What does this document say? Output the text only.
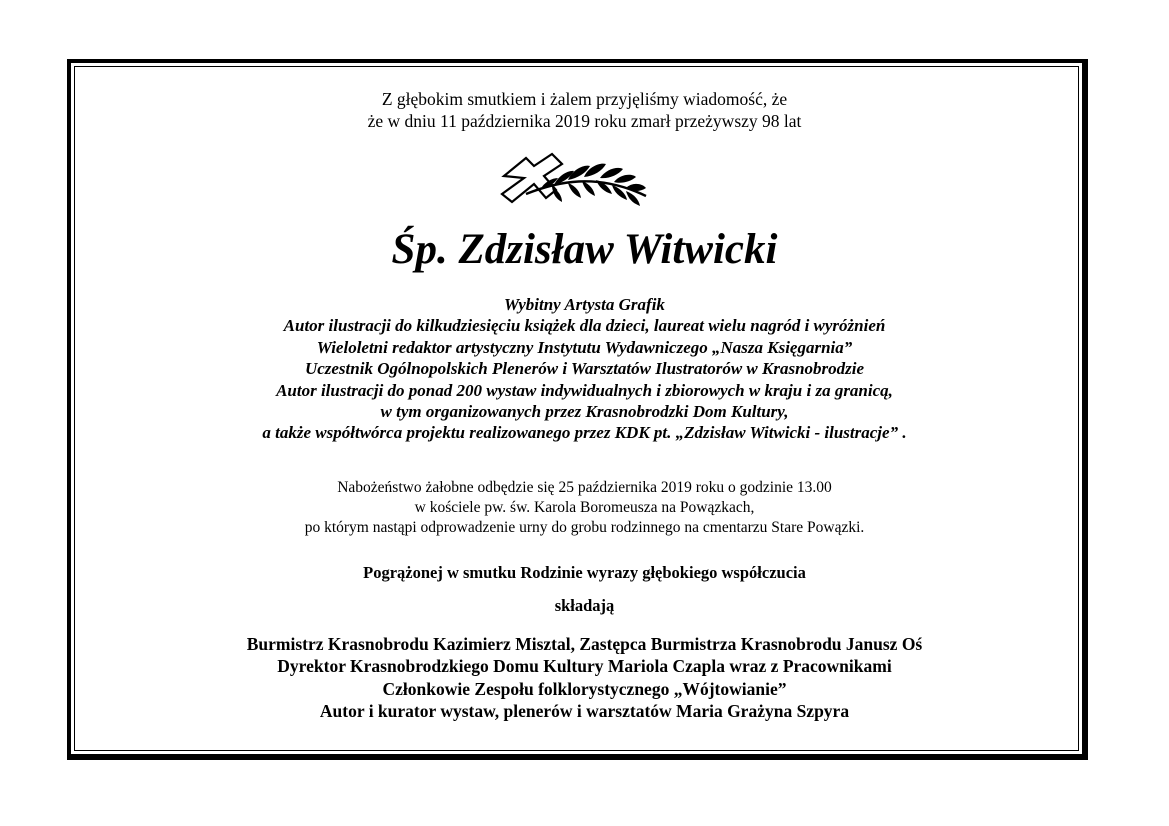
Z głębokim smutkiem i żalem przyjęliśmy wiadomość, że
że w dniu 11 października 2019 roku zmarł przeżywszy 98 lat
Śp. Zdzisław Witwicki
Wybitny Artysta Grafik
Autor ilustracji do kilkudziesięciu książek dla dzieci, laureat wielu nagród i wyróżnień
Wieloletni redaktor artystyczny Instytutu Wydawniczego „Nasza Księgarnia”
Uczestnik Ogólnopolskich Plenerów i Warsztatów Ilustratorów w Krasnobrodzie
Autor ilustracji do ponad 200 wystaw indywidualnych i zbiorowych w kraju i za granicą,
w tym organizowanych przez Krasnobrodzki Dom Kultury,
a także współtwórca projektu realizowanego przez KDK pt. „Zdzisław Witwicki - ilustracje” .
Nabożeństwo żałobne odbędzie się 25 października 2019 roku o godzinie 13.00
w kościele pw. św. Karola Boromeusza na Powązkach,
po którym nastąpi odprowadzenie urny do grobu rodzinnego na cmentarzu Stare Powązki.
Pogrążonej w smutku Rodzinie wyrazy głębokiego współczucia
składają
Burmistrz Krasnobrodu Kazimierz Misztal, Zastępca Burmistrza Krasnobrodu Janusz Oś
Dyrektor Krasnobrodzkiego Domu Kultury Mariola Czapla wraz z Pracownikami
Członkowie Zespołu folklorystycznego „Wójtowianie”
Autor i kurator wystaw, plenerów i warsztatów Maria Grażyna Szpyra
